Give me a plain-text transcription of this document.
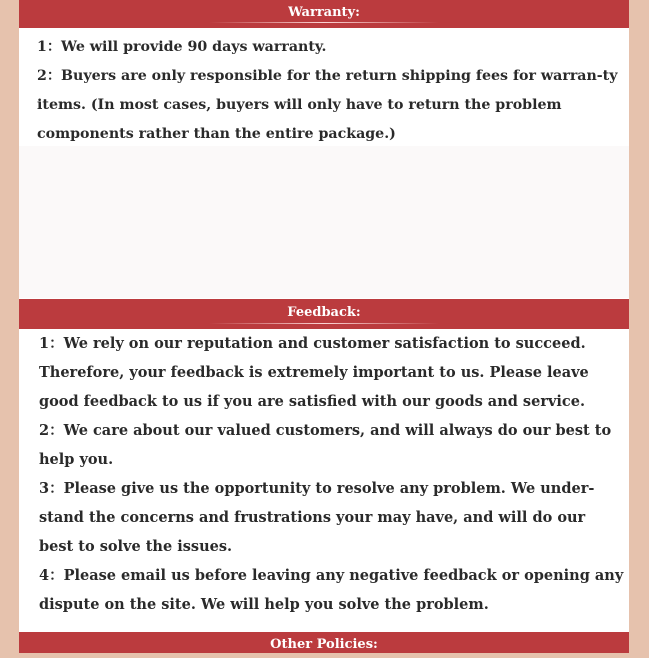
Warranty:

1：We will provide 90 days warranty.

2：Buyers are only responsible for the return shipping fees for warran-ty items. (In most cases, buyers will only have to return the problem components rather than the entire package.)

Feedback:

1：We rely on our reputation and customer satisfaction to succeed. Therefore, your feedback is extremely important to us. Please leave good feedback to us if you are satisfied with our goods and service.

2：We care about our valued customers, and will always do our best to help you.

3：Please give us the opportunity to resolve any problem. We under-stand the concerns and frustrations your may have, and will do our best to solve the issues.

4：Please email us before leaving any negative feedback or opening any dispute on the site. We will help you solve the problem.

Other Policies:
